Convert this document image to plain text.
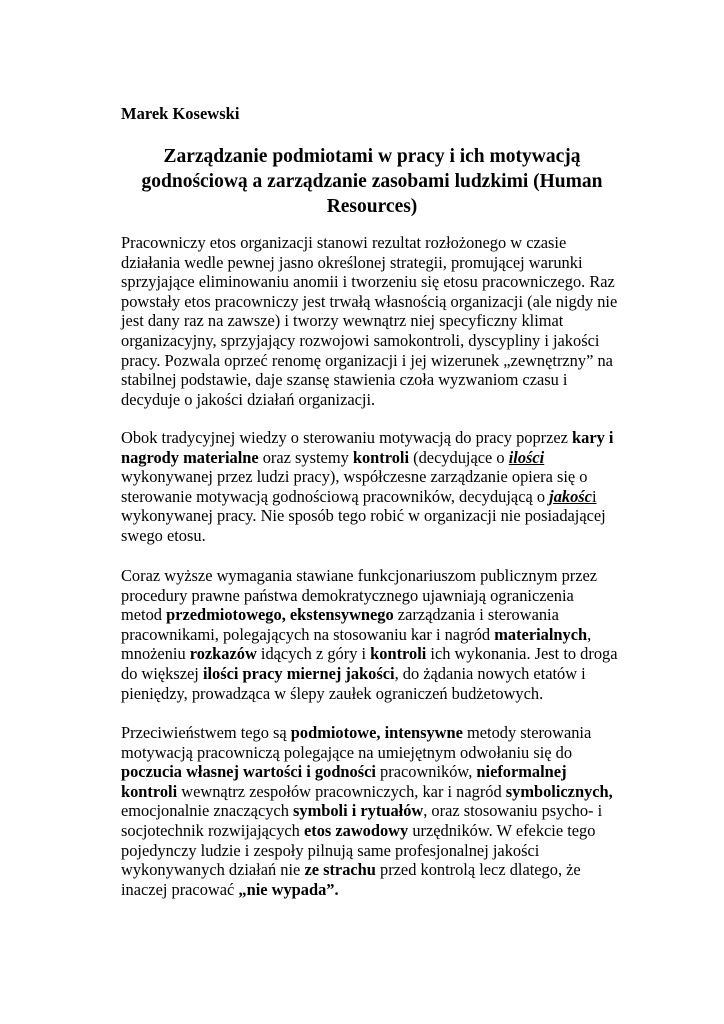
Marek Kosewski
Zarządzanie podmiotami w pracy i ich motywacją
godnościową a zarządzanie zasobami ludzkimi (Human
Resources)
Pracowniczy etos organizacji stanowi rezultat rozłożonego w czasie
działania wedle pewnej jasno określonej strategii, promującej warunki
sprzyjające eliminowaniu anomii i tworzeniu się etosu pracowniczego. Raz
powstały etos pracowniczy jest trwałą własnością organizacji (ale nigdy nie
jest dany raz na zawsze) i tworzy wewnątrz niej specyficzny klimat
organizacyjny, sprzyjający rozwojowi samokontroli, dyscypliny i jakości
pracy. Pozwala oprzeć renomę organizacji i jej wizerunek „zewnętrzny” na
stabilnej podstawie, daje szansę stawienia czoła wyzwaniom czasu i
decyduje o jakości działań organizacji.
Obok tradycyjnej wiedzy o sterowaniu motywacją do pracy poprzez kary i
nagrody materialne oraz systemy kontroli (decydujące o ilości
wykonywanej przez ludzi pracy), współczesne zarządzanie opiera się o
sterowanie motywacją godnościową pracowników, decydującą o jakości
wykonywanej pracy. Nie sposób tego robić w organizacji nie posiadającej
swego etosu.
Coraz wyższe wymagania stawiane funkcjonariuszom publicznym przez
procedury prawne państwa demokratycznego ujawniają ograniczenia
metod przedmiotowego, ekstensywnego zarządzania i sterowania
pracownikami, polegających na stosowaniu kar i nagród materialnych,
mnożeniu rozkazów idących z góry i kontroli ich wykonania. Jest to droga
do większej ilości pracy miernej jakości, do żądania nowych etatów i
pieniędzy, prowadząca w ślepy zaułek ograniczeń budżetowych.
Przeciwieństwem tego są podmiotowe, intensywne metody sterowania
motywacją pracowniczą polegające na umiejętnym odwołaniu się do
poczucia własnej wartości i godności pracowników, nieformalnej
kontroli wewnątrz zespołów pracowniczych, kar i nagród symbolicznych,
emocjonalnie znaczących symboli i rytuałów, oraz stosowaniu psycho- i
socjotechnik rozwijających etos zawodowy urzędników. W efekcie tego
pojedynczy ludzie i zespoły pilnują same profesjonalnej jakości
wykonywanych działań nie ze strachu przed kontrolą lecz dlatego, że
inaczej pracować „nie wypada”.
